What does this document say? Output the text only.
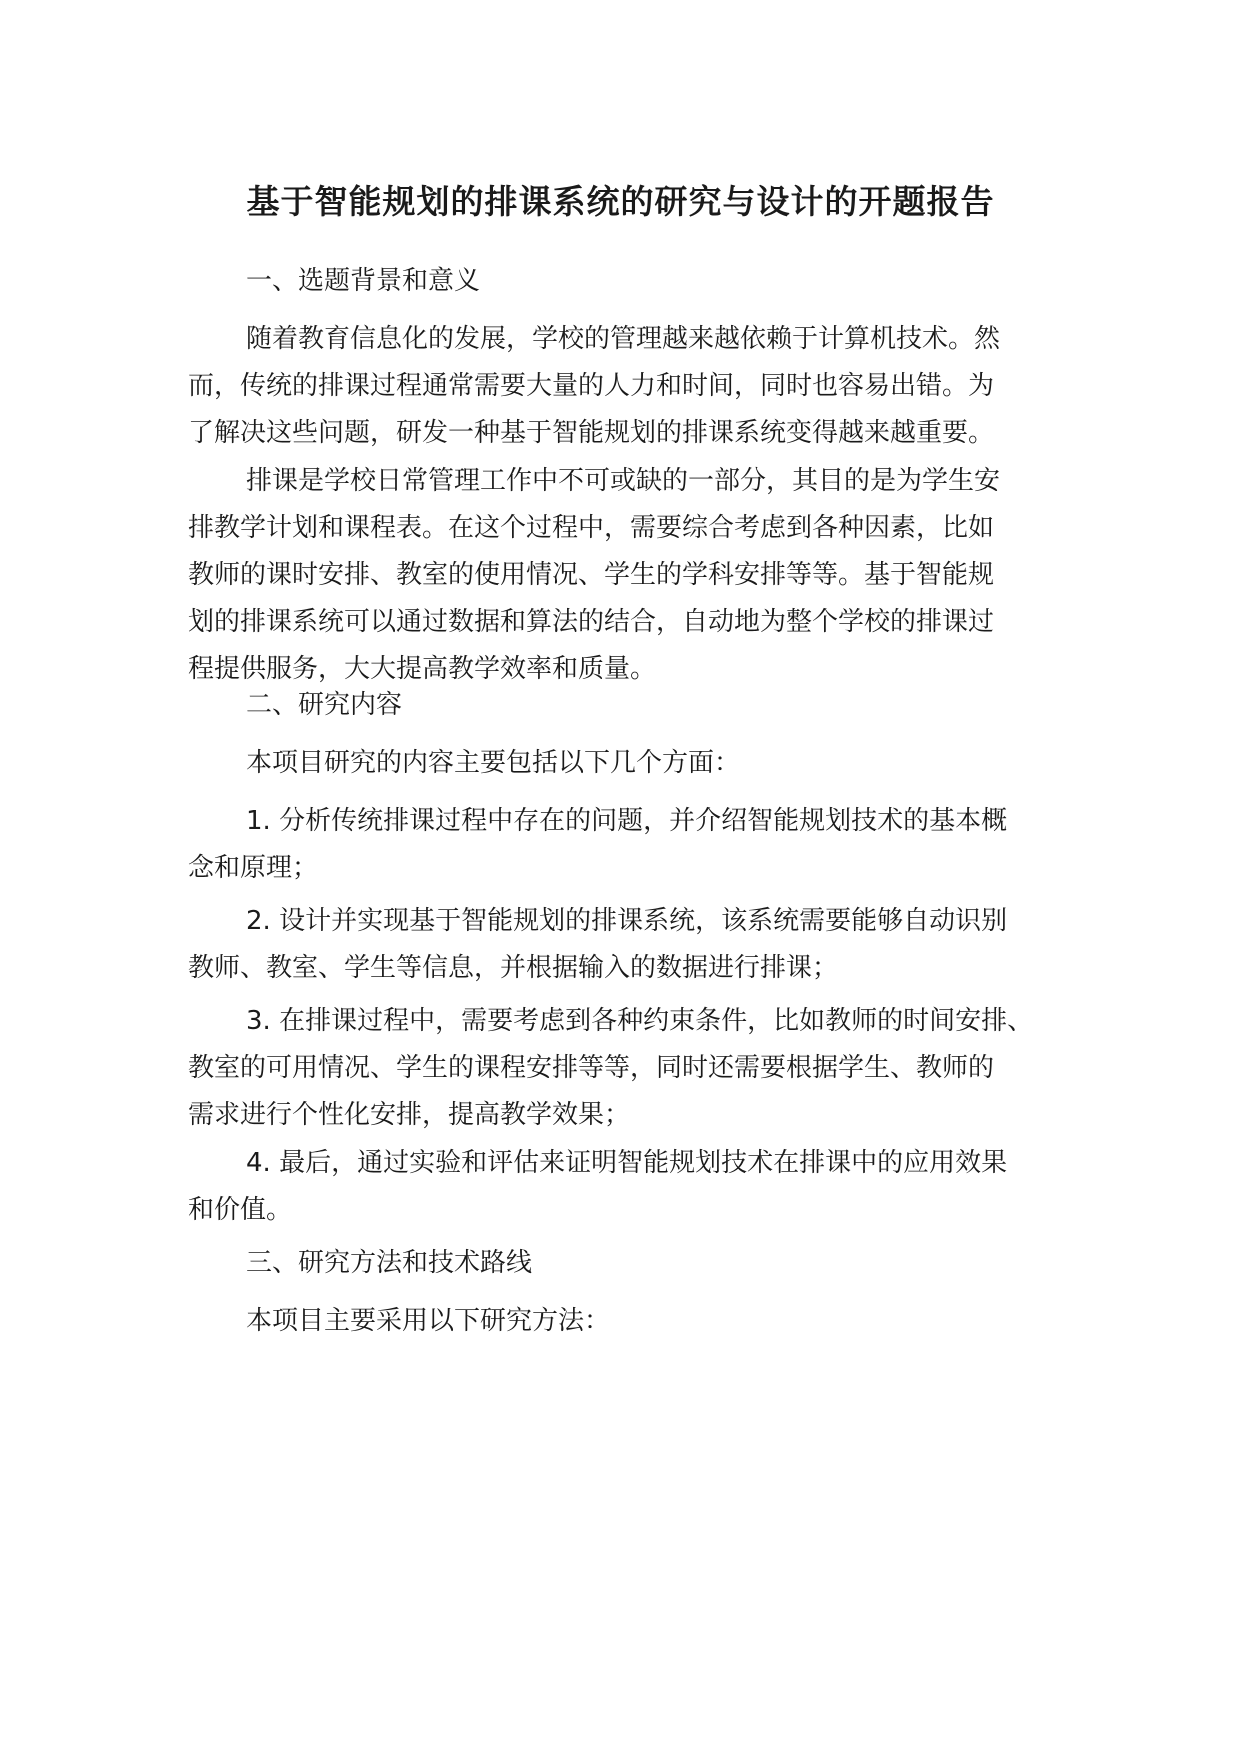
基于智能规划的排课系统的研究与设计的开题报告
一、选题背景和意义
随着教育信息化的发展，学校的管理越来越依赖于计算机技术。然
而，传统的排课过程通常需要大量的人力和时间，同时也容易出错。为
了解决这些问题，研发一种基于智能规划的排课系统变得越来越重要。
排课是学校日常管理工作中不可或缺的一部分，其目的是为学生安
排教学计划和课程表。在这个过程中，需要综合考虑到各种因素，比如
教师的课时安排、教室的使用情况、学生的学科安排等等。基于智能规
划的排课系统可以通过数据和算法的结合，自动地为整个学校的排课过
程提供服务，大大提高教学效率和质量。
二、研究内容
本项目研究的内容主要包括以下几个方面：
1. 分析传统排课过程中存在的问题，并介绍智能规划技术的基本概
念和原理；
2. 设计并实现基于智能规划的排课系统，该系统需要能够自动识别
教师、教室、学生等信息，并根据输入的数据进行排课；
3. 在排课过程中，需要考虑到各种约束条件，比如教师的时间安排、
教室的可用情况、学生的课程安排等等，同时还需要根据学生、教师的
需求进行个性化安排，提高教学效果；
4. 最后，通过实验和评估来证明智能规划技术在排课中的应用效果
和价值。
三、研究方法和技术路线
本项目主要采用以下研究方法：
